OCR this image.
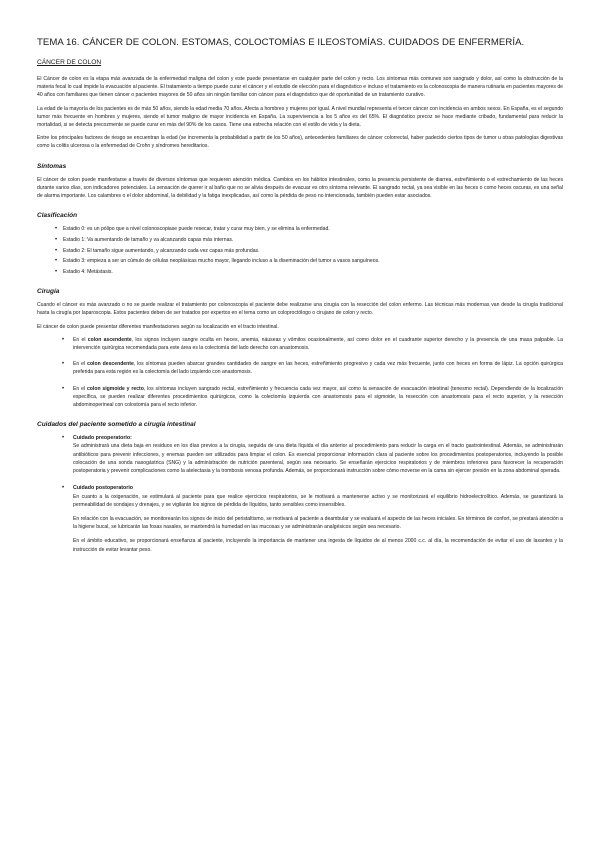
TEMA 16. CÁNCER DE COLON. ESTOMAS, COLOCTOMÍAS E ILEOSTOMÍAS. CUIDADOS DE ENFERMERÍA.
CÁNCER DE COLON

El Cáncer de colon es la etapa más avanzada de la enfermedad maligna del colon y este puede presentarse en cualquier parte del colon y recto. Los síntomas más comunes son sangrado y dolor, así como la obstrucción de la materia fecal lo cual impide la evacuación al paciente. El tratamiento a tiempo puede curar el cáncer y el estudio de elección para el diagnóstico e incluso el tratamiento es la colonoscopia de manera rutinaria en pacientes mayores de 40 años con familiares que tienen cáncer o pacientes mayores de 50 años sin ningún familiar con cáncer para el diagnóstico que dé oportunidad de un tratamiento curativo.

La edad de la mayoría de los pacientes es de más 50 años, siendo la edad media 70 años. Afecta a hombres y mujeres por igual. A nivel mundial representa el tercer cáncer con incidencia en ambos sexos. En España, es el segundo tumor más frecuente en hombres y mujeres, siendo el tumor maligno de mayor incidencia en España. La supervivencia a los 5 años es del 65%. El diagnóstico precoz se hace mediante cribado, fundamental para reducir la mortalidad, si se detecta precozmente se puede curar en más del 90% de los casos. Tiene una estrecha relación con el estilo de vida y la dieta.

Entre los principales factores de riesgo se encuentran la edad (se incrementa la probabilidad a partir de los 50 años), antecedentes familiares de cáncer colorrectal, haber padecido ciertos tipos de tumor u otras patologías digestivas como la colitis ulcerosa o la enfermedad de Crohn y síndromes hereditarios.

Síntomas

El cáncer de colon puede manifestarse a través de diversos síntomas que requieren atención médica. Cambios en los hábitos intestinales, como la presencia persistente de diarrea, estreñimiento o el estrechamiento de las heces durante varios días, son indicadores potenciales. La sensación de querer ir al baño que no se alivia después de evacuar es otro síntoma relevante. El sangrado rectal, ya sea visible en las heces o como heces oscuras, es una señal de alarma importante. Los calambres o el dolor abdominal, la debilidad y la fatiga inexplicadas, así como la pérdida de peso no intencionada, también pueden estar asociados.

Clasificación
• Estadio 0: es un pólipo que a nivel colonoscopiase puede resecar, tratar y curar muy bien, y se elimina la enfermedad.
• Estadio 1: Va aumentando de tamaño y va alcanzando capas más internas.
• Estadio 2: El tamaño sigue aumentando, y alcanzando cada vez capas más profundas.
• Estadio 3: empieza a ser un cúmulo de células neoplásicas mucho mayor, llegando incluso a la diseminación del tumor a vasos sanguíneos.
• Estadio 4: Metástasis.
Cirugía

Cuando el cáncer es más avanzado o no se puede realizar el tratamiento por colonoscopia el paciente debe realizarse una cirugía con la resección del colon enfermo. Las técnicas más modernas van desde la cirugía tradicional hasta la cirugía por laparoscopia. Estos pacientes deben de ser tratados por expertos en el tema como un coloproctólogo o cirujano de colon y recto.

El cáncer de colon puede presentar diferentes manifestaciones según su localización en el tracto intestinal.

• En el colon ascendente, los signos incluyen sangre oculta en heces, anemia, náuseas y vómitos ocasionalmente, así como dolor en el cuadrante superior derecho y la presencia de una masa palpable. La intervención quirúrgica recomendada para este área es la colectomía del lado derecho con anastomosis.
• En el colon descendente, los síntomas pueden abarcar grandes cantidades de sangre en las heces, estreñimiento progresivo y cada vez más frecuente, junto con heces en forma de lápiz. La opción quirúrgica preferida para esta región es la colectomía del lado izquierdo con anastomosis.
• En el colon sigmoide y recto, los síntomas incluyen sangrado rectal, estreñimiento y frecuencia cada vez mayor, así como la sensación de evacuación intestinal (tenesmo rectal). Dependiendo de la localización específica, se pueden realizar diferentes procedimientos quirúrgicos, como la colectomía izquierda con anastomosis para el sigmoide, la resección con anastomosis para el recto superior, y la resección abdominoperineal con colostomía para el recto inferior.
Cuidados del paciente sometido a cirugía intestinal
• Cuidado preoperatorio:

Se administrará una dieta baja en residuos en los días previos a la cirugía, seguida de una dieta líquida el día anterior al procedimiento para reducir la carga en el tracto gastrointestinal. Además, se administrarán antibióticos para prevenir infecciones, y enemas pueden ser utilizados para limpiar el colon. Es esencial proporcionar información clara al paciente sobre los procedimientos postoperatorios, incluyendo la posible colocación de una sonda nasogástrica (SNG) y la administración de nutrición parenteral, según sea necesario. Se enseñarán ejercicios respiratorios y de miembros inferiores para favorecer la recuperación postoperatoria y prevenir complicaciones como la atelectasia y la trombosis venosa profunda. Además, se proporcionará instrucción sobre cómo moverse en la cama sin ejercer presión en la zona abdominal operada.

• Cuidado postoperatorio

En cuanto a la oxigenación, se estimulará al paciente para que realice ejercicios respiratorios, se le motivará a mantenerse activo y se monitorizará el equilibrio hidroelectrolítico. Además, se garantizará la permeabilidad de sondajes y drenajes, y se vigilarán los signos de pérdida de líquidos, tanto sensibles como insensibles.

En relación con la evacuación, se monitorearán los signos de inicio del peristaltismo, se motivará al paciente a deambular y se evaluará el aspecto de las heces iniciales. En términos de confort, se prestará atención a la higiene bucal, se lubricarán las fosas nasales, se mantendrá la humedad en las mucosas y se administrarán analgésicos según sea necesario.

En el ámbito educativo, se proporcionará enseñanza al paciente, incluyendo la importancia de mantener una ingesta de líquidos de al menos 2000 c.c. al día, la recomendación de evitar el uso de laxantes y la instrucción de evitar levantar peso.
